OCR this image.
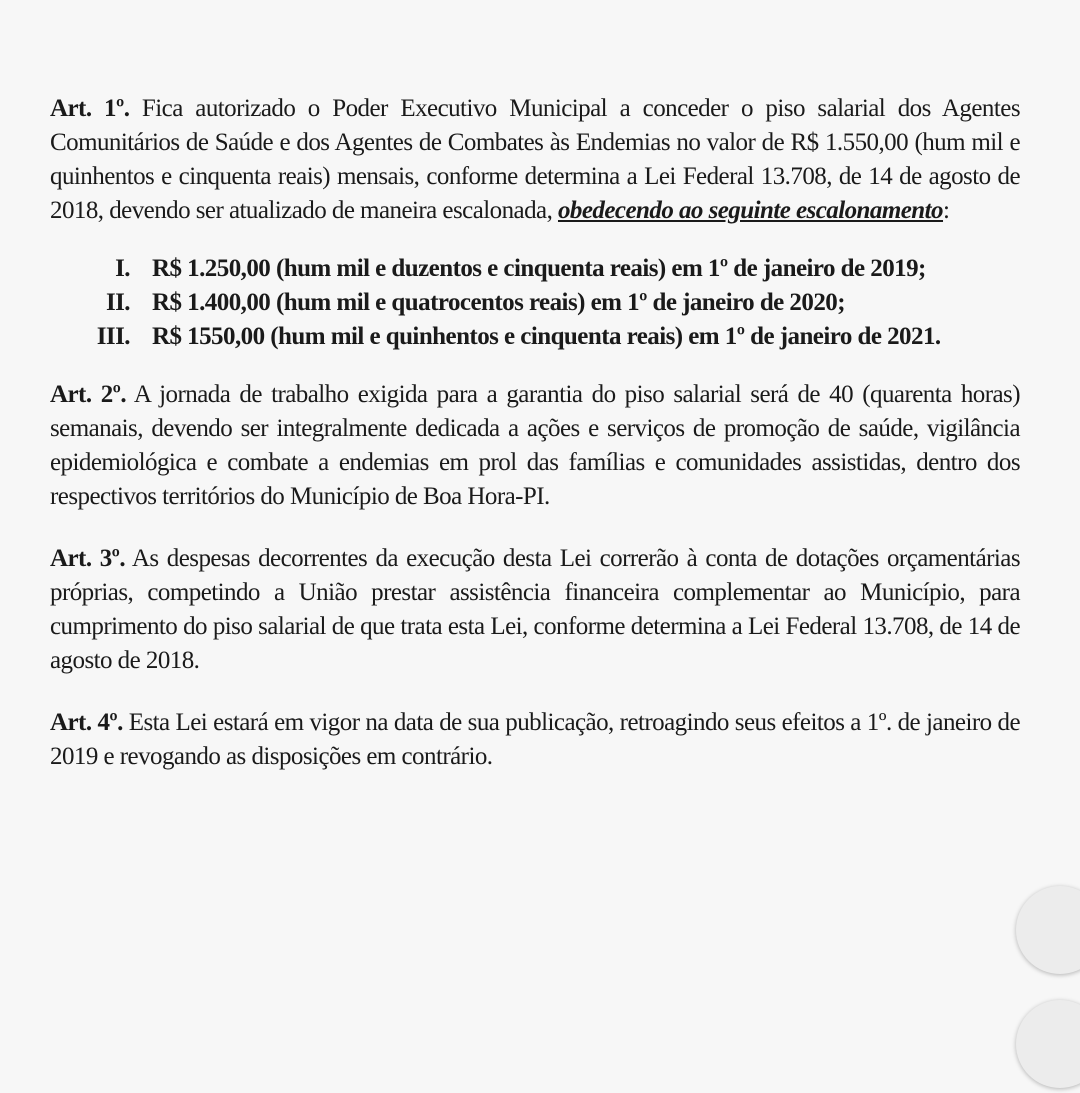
Art. 1º. Fica autorizado o Poder Executivo Municipal a conceder o piso salarial dos Agentes Comunitários de Saúde e dos Agentes de Combates às Endemias no valor de R$ 1.550,00 (hum mil e quinhentos e cinquenta reais) mensais, conforme determina a Lei Federal 13.708, de 14 de agosto de 2018, devendo ser atualizado de maneira escalonada, obedecendo ao seguinte escalonamento:

I. R$ 1.250,00 (hum mil e duzentos e cinquenta reais) em 1º de janeiro de 2019;
II. R$ 1.400,00 (hum mil e quatrocentos reais) em 1º de janeiro de 2020;
III. R$ 1550,00 (hum mil e quinhentos e cinquenta reais) em 1º de janeiro de 2021.

Art. 2º. A jornada de trabalho exigida para a garantia do piso salarial será de 40 (quarenta horas) semanais, devendo ser integralmente dedicada a ações e serviços de promoção de saúde, vigilância epidemiológica e combate a endemias em prol das famílias e comunidades assistidas, dentro dos respectivos territórios do Município de Boa Hora-PI.

Art. 3º. As despesas decorrentes da execução desta Lei correrão à conta de dotações orçamentárias próprias, competindo a União prestar assistência financeira complementar ao Município, para cumprimento do piso salarial de que trata esta Lei, conforme determina a Lei Federal 13.708, de 14 de agosto de 2018.

Art. 4º. Esta Lei estará em vigor na data de sua publicação, retroagindo seus efeitos a 1º. de janeiro de 2019 e revogando as disposições em contrário.
